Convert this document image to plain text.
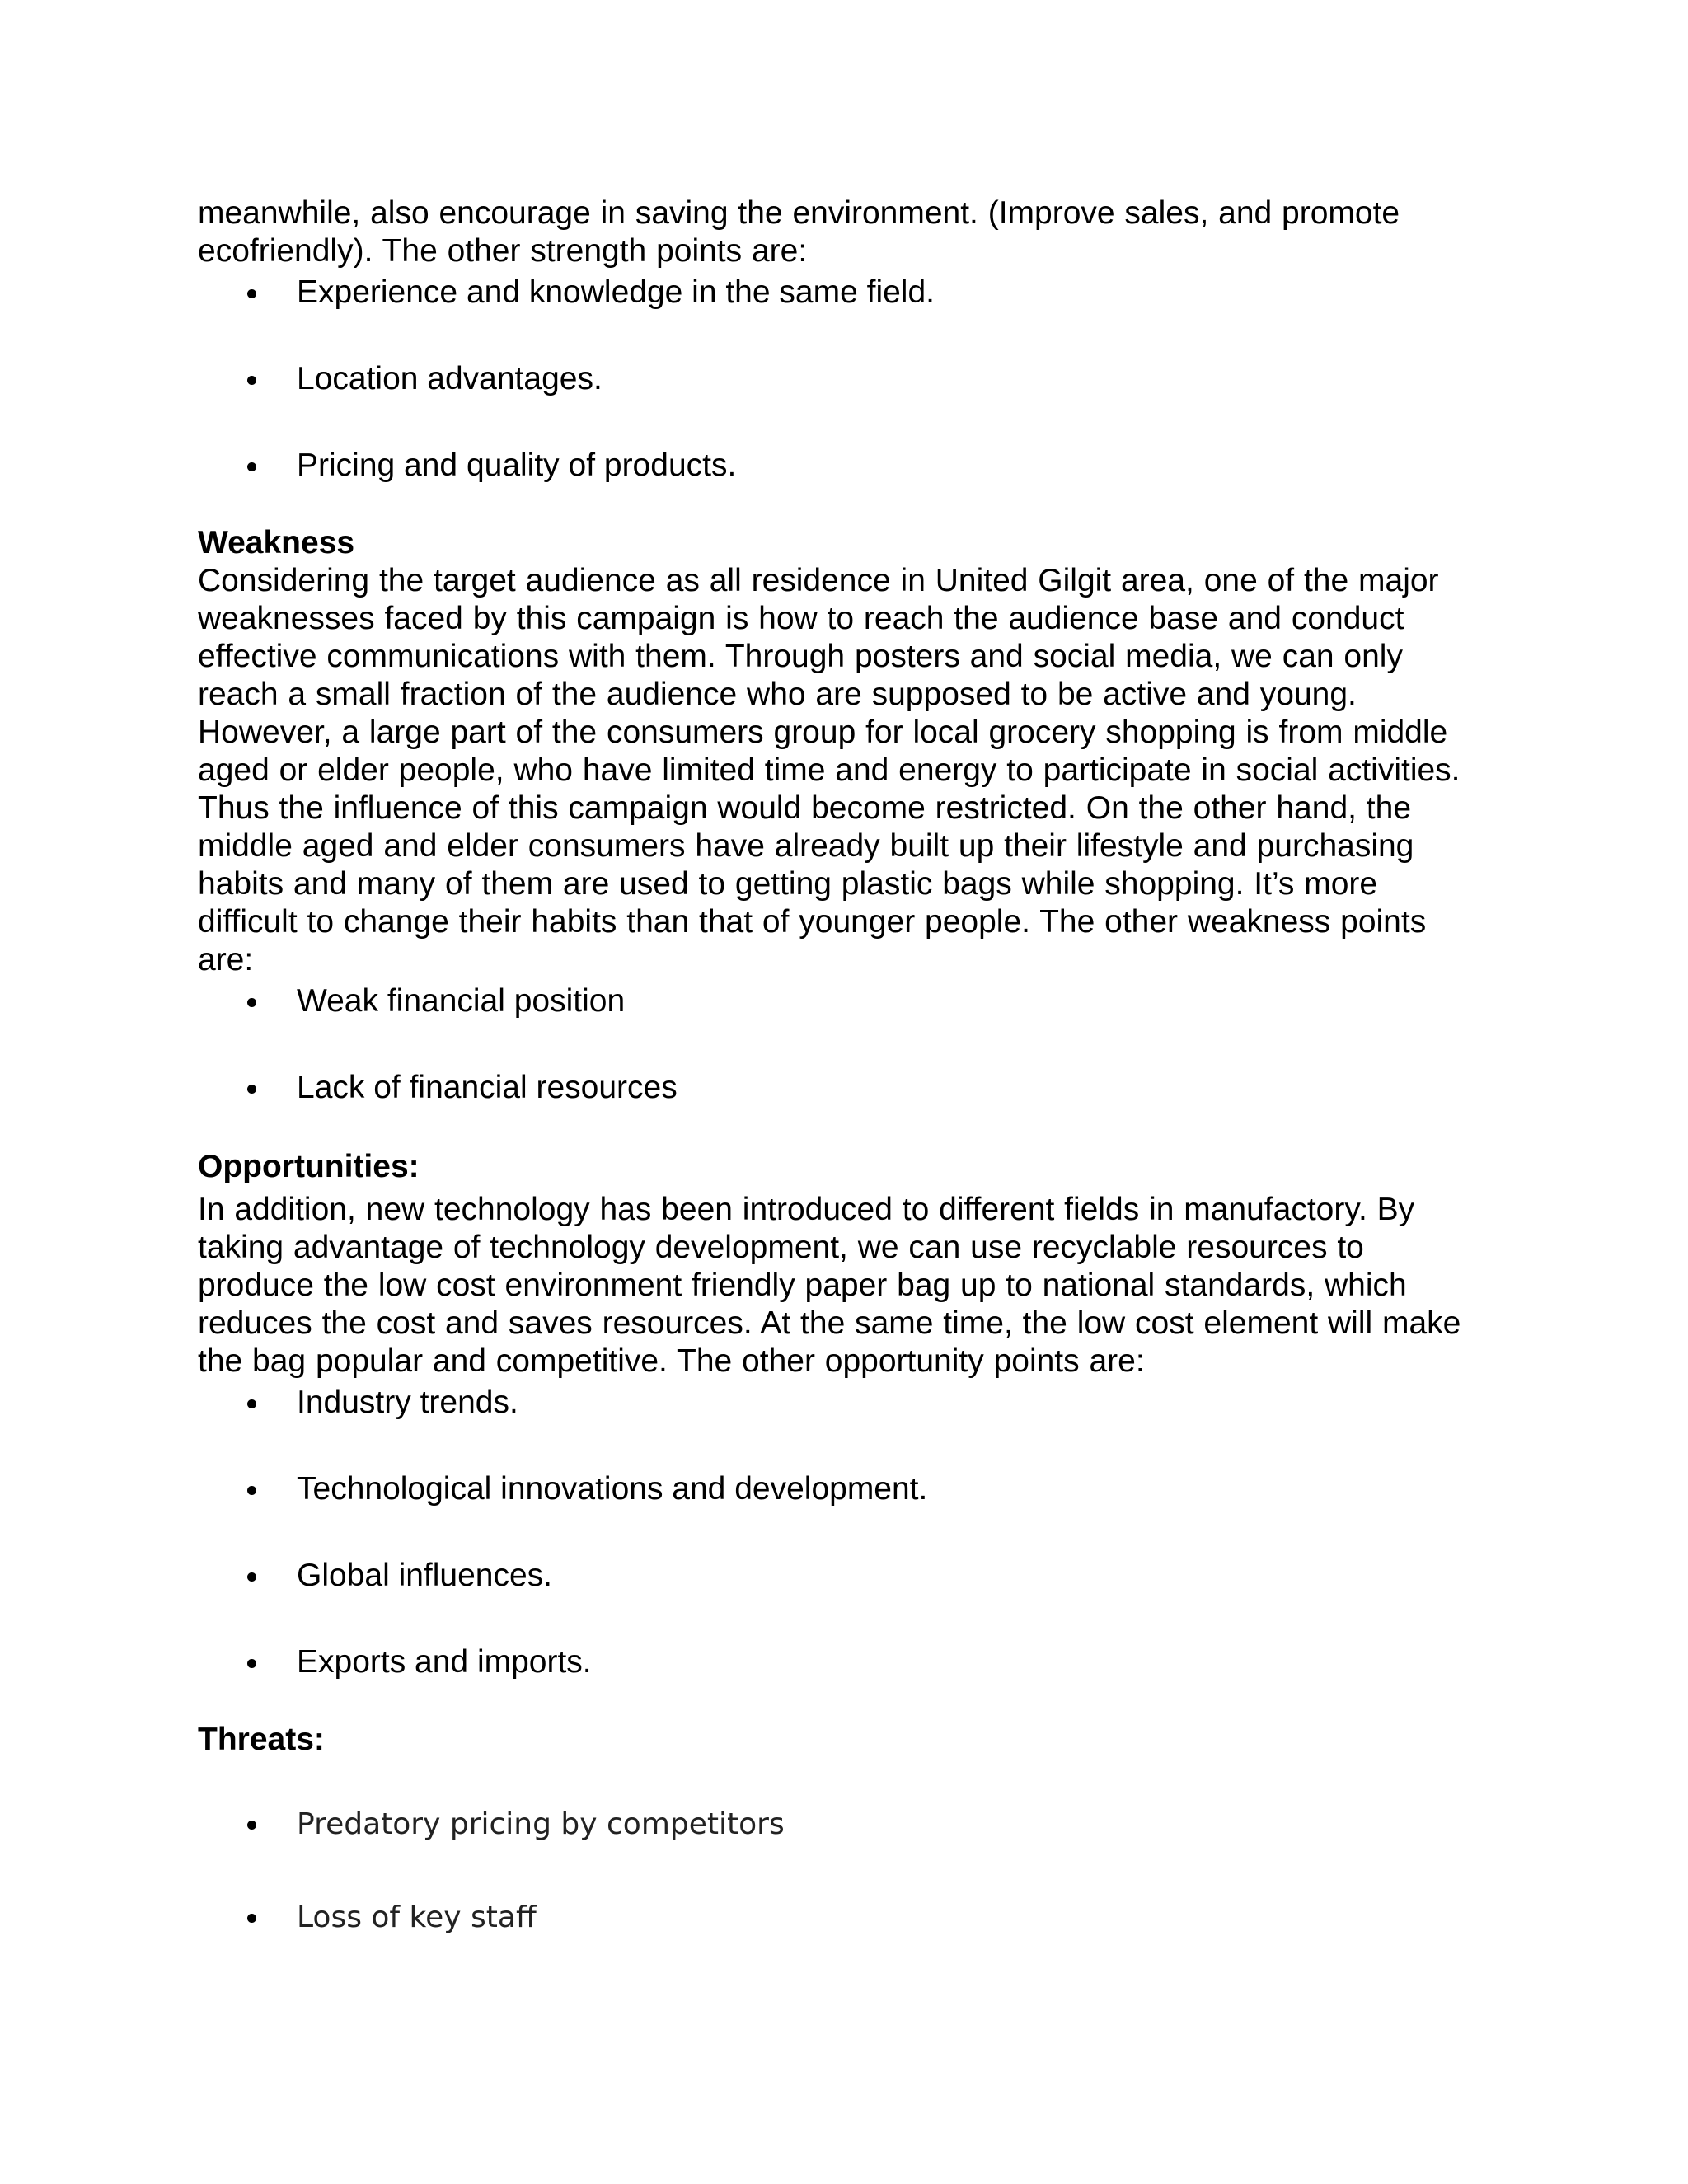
meanwhile, also encourage in saving the environment. (Improve sales, and promote ecofriendly). The other strength points are:

Experience and knowledge in the same field.
Location advantages.
Pricing and quality of products.
Weakness

Considering the target audience as all residence in United Gilgit area, one of the major weaknesses faced by this campaign is how to reach the audience base and conduct effective communications with them. Through posters and social media, we can only reach a small fraction of the audience who are supposed to be active and young. However, a large part of the consumers group for local grocery shopping is from middle aged or elder people, who have limited time and energy to participate in social activities. Thus the influence of this campaign would become restricted. On the other hand, the middle aged and elder consumers have already built up their lifestyle and purchasing habits and many of them are used to getting plastic bags while shopping. It’s more difficult to change their habits than that of younger people. The other weakness points are:

Weak financial position
Lack of financial resources
Opportunities:

In addition, new technology has been introduced to different fields in manufactory. By taking advantage of technology development, we can use recyclable resources to produce the low cost environment friendly paper bag up to national standards, which reduces the cost and saves resources. At the same time, the low cost element will make the bag popular and competitive. The other opportunity points are:

Industry trends.
Technological innovations and development.
Global influences.
Exports and imports.
Threats:
Predatory pricing by competitors
Loss of key staff
